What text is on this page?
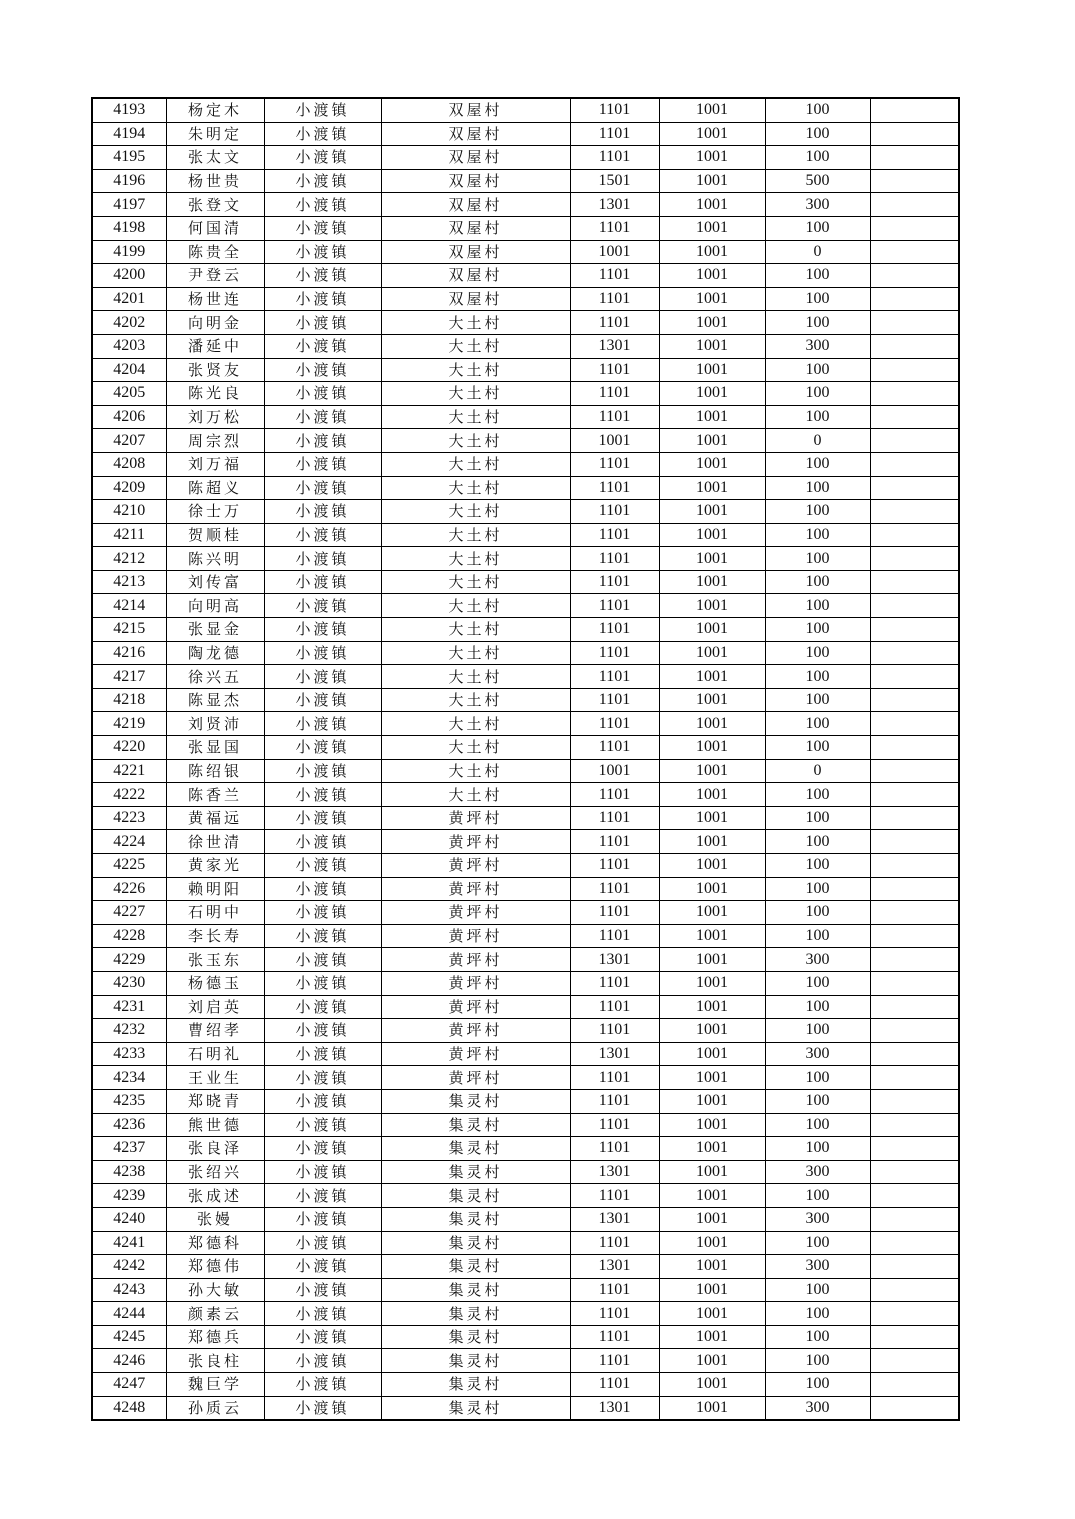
4193	杨定木	小渡镇	双屋村	1101	1001	100	
4194	朱明定	小渡镇	双屋村	1101	1001	100	
4195	张太文	小渡镇	双屋村	1101	1001	100	
4196	杨世贵	小渡镇	双屋村	1501	1001	500	
4197	张登文	小渡镇	双屋村	1301	1001	300	
4198	何国清	小渡镇	双屋村	1101	1001	100	
4199	陈贵全	小渡镇	双屋村	1001	1001	0	
4200	尹登云	小渡镇	双屋村	1101	1001	100	
4201	杨世连	小渡镇	双屋村	1101	1001	100	
4202	向明金	小渡镇	大土村	1101	1001	100	
4203	潘延中	小渡镇	大土村	1301	1001	300	
4204	张贤友	小渡镇	大土村	1101	1001	100	
4205	陈光良	小渡镇	大土村	1101	1001	100	
4206	刘万松	小渡镇	大土村	1101	1001	100	
4207	周宗烈	小渡镇	大土村	1001	1001	0	
4208	刘万福	小渡镇	大土村	1101	1001	100	
4209	陈超义	小渡镇	大土村	1101	1001	100	
4210	徐士万	小渡镇	大土村	1101	1001	100	
4211	贺顺桂	小渡镇	大土村	1101	1001	100	
4212	陈兴明	小渡镇	大土村	1101	1001	100	
4213	刘传富	小渡镇	大土村	1101	1001	100	
4214	向明高	小渡镇	大土村	1101	1001	100	
4215	张显金	小渡镇	大土村	1101	1001	100	
4216	陶龙德	小渡镇	大土村	1101	1001	100	
4217	徐兴五	小渡镇	大土村	1101	1001	100	
4218	陈显杰	小渡镇	大土村	1101	1001	100	
4219	刘贤沛	小渡镇	大土村	1101	1001	100	
4220	张显国	小渡镇	大土村	1101	1001	100	
4221	陈绍银	小渡镇	大土村	1001	1001	0	
4222	陈香兰	小渡镇	大土村	1101	1001	100	
4223	黄福远	小渡镇	黄坪村	1101	1001	100	
4224	徐世清	小渡镇	黄坪村	1101	1001	100	
4225	黄家光	小渡镇	黄坪村	1101	1001	100	
4226	赖明阳	小渡镇	黄坪村	1101	1001	100	
4227	石明中	小渡镇	黄坪村	1101	1001	100	
4228	李长寿	小渡镇	黄坪村	1101	1001	100	
4229	张玉东	小渡镇	黄坪村	1301	1001	300	
4230	杨德玉	小渡镇	黄坪村	1101	1001	100	
4231	刘启英	小渡镇	黄坪村	1101	1001	100	
4232	曹绍孝	小渡镇	黄坪村	1101	1001	100	
4233	石明礼	小渡镇	黄坪村	1301	1001	300	
4234	王业生	小渡镇	黄坪村	1101	1001	100	
4235	郑晓青	小渡镇	集灵村	1101	1001	100	
4236	熊世德	小渡镇	集灵村	1101	1001	100	
4237	张良泽	小渡镇	集灵村	1101	1001	100	
4238	张绍兴	小渡镇	集灵村	1301	1001	300	
4239	张成述	小渡镇	集灵村	1101	1001	100	
4240	张嫚	小渡镇	集灵村	1301	1001	300	
4241	郑德科	小渡镇	集灵村	1101	1001	100	
4242	郑德伟	小渡镇	集灵村	1301	1001	300	
4243	孙大敏	小渡镇	集灵村	1101	1001	100	
4244	颜素云	小渡镇	集灵村	1101	1001	100	
4245	郑德兵	小渡镇	集灵村	1101	1001	100	
4246	张良柱	小渡镇	集灵村	1101	1001	100	
4247	魏巨学	小渡镇	集灵村	1101	1001	100	
4248	孙质云	小渡镇	集灵村	1301	1001	300	
